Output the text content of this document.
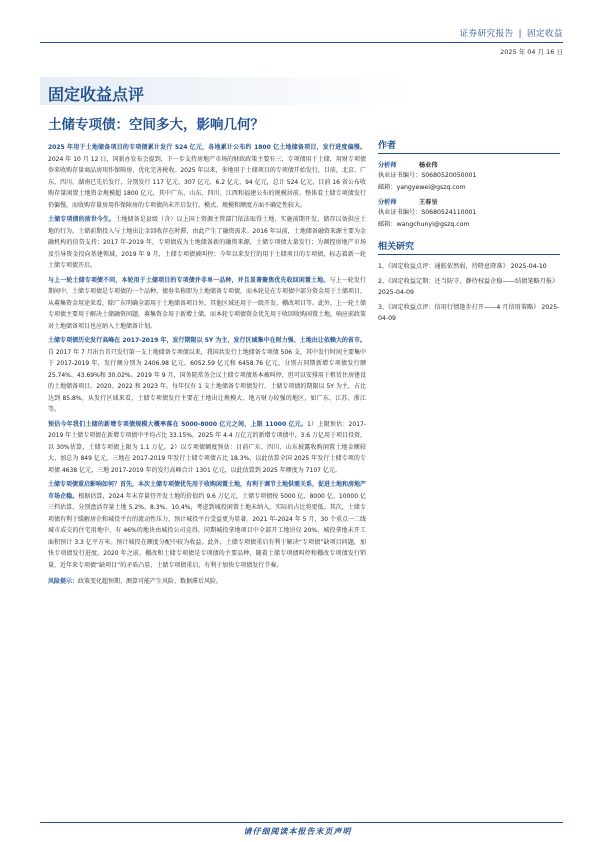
证券研究报告 | 固定收益
2025 年 04 月 16 日
固定收益点评
土储专项债：空间多大，影响几何？

2025 年用于土地储备项目的专项债累计发行 524 亿元，各地累计公布约 1800 亿土地储备项目，发行进度偏慢。2024 年 10 月 12 日，国新办发布会提到，下一步支持房地产市场的财政政策主要有三，专项债用于土储，用财专项债券来收购存量商品房用作保障房、优化完善税收。2025 年以来，多地用于土储项目的专项债开始发行，目前，北京、广东、四川、湖南已先后发行，分别发行 117 亿元、307 亿元、6.2 亿元、94 亿元，总计 524 亿元，目前 16 省公布收购存量闲置土地资金规模超 1800 亿元，其中广东、山东、四川、江西和福建公布的规模居前。整体看土储专项债发行仍偏慢，而收购存量房用作保障房的专项债尚未开启发行，模式、规模和额度方面不确定性较大。

土储专项债的前世今生。土地储备是县级（含）以上国土资源主管部门依法取得土地、实施前期开发、储存以备供应土地的行为。土储前期投入与土地出让金回收存在时滞，由此产生了融资需求。2016 年以前，土地储备融资来源主要为金融机构的信贷支持；2017 年-2019 年，专项债成为土地储备新的融资来源，土储专项债大量发行；为调控房地产市场及引导资金投向基建领域，2019 年 9 月，土储专项债被叫停；今年以来发行的用于土储项目的专项债，标志着新一轮土储专项债开启。

与上一轮土储专项债不同，本轮用于土储项目的专项债并非单一品种，并且显著聚焦优先收回闲置土地。与上一轮发行期间中，土储专项债是专项债的一个品种，债券名称即为土地储备专项债，而本轮是在专项债中部分资金用于土储项目，从募集资金用途来看，除广东明确全部用于土地储备项目外，其他区域还用于一级开发、棚改项目等。此外，上一轮土储专项债主要用于解决土储融资问题，募集资金用于新增土储，而本轮专项债资金优先用于收回收购闲置土地，响应前政策对土地储备项目也应纳入土地储备计划。

土储专项债历史发行高峰在 2017-2019 年，发行期限以 5Y 为主，发行区域集中在财力强、土地出让依赖大的省市。自 2017 年 7 月出台首只发行第一支土地储备专项债以来，我国共发行土地储备专项债 506 支，其中发行时间主要集中于 2017-2019 年，发行额分别为 2406.98 亿元、6052.59 亿元和 6458.76 亿元，分别占同期新增专项债发行额 25.74%、43.69%和 30.02%。2019 年 9 月，国务院常务会议土储专项债基本被叫停，但可以安排用于租赁住房建设的土地储备项目。2020、2022 和 2023 年，每年仅有 1 支土地储备专项债发行，土储专项债的期限以 5Y 为主，占比达到 85.8%，从发行区域来看，土储专项债发行主要在土地出让规模大、地方财力较强的地区，如广东、江苏、浙江等。

预估今年我们土储的新增专项债规模大概率落在 5000-8000 亿元之间，上限 11000 亿元。1）上限预估：2017-2019 年土储专项债在新增专项债中平均占比 33.15%，2025 年 4.4 万亿元的新增专项债中，3.6 万亿用于项目投资，以 30%估算，土储专项债上限为 1.1 万亿。2）以专项债额度预估：目前广东、四川、山东披露收购闲置土地金额较大，加总为 849 亿元，三地在 2017-2019 年发行土储专项债占比 18.3%，以此估算全国 2025 年发行土储专项的专项债 4638 亿元，三地 2017-2019 年的发行高峰合计 1301 亿元，以此估算到 2025 年额度为 7107 亿元。

土储专项债重启影响如何？首先，本次土储专项债优先用于收购闲置土地，有利于调节土地供需关系，促进土地和房地产市场企稳。根据估算，2024 年末存量待开发土地的价值约 9.6 万亿元，土储专项债按 5000 亿、8000 亿、10000 亿三档估算，分别盘活存量土地 5.2%、8.3%、10.4%，考虑到城投闲置土地未纳入，实际的占比将更低。其次，土储专项债有利于缓解房企和城投平台的流动性压力，预计城投平台受益更为显著。2021 年-2024 年 5 月，30 个重点一二线城市成交的住宅用地中，有 46%的地块由城投公司竞得，同期城投拿地项目中全部开工地块仅 20%，城投拿地未开工面积预计 3.3 亿平方米。预计城投在额度分配中较为收益。此外，土储专项债重启有利于解决“专项债”缺项目问题，加快专项债发行进度。2020 年之前，棚改和土储专项债是专项债的主要品种，随着土储专项债叫停和棚改专项债发行销量，近年来专项债“缺项目”的矛盾凸显，土储专项债重启，有利于加快专项债发行节奏。

风险提示：政策变化超预期、测算可能产生风险、数据滞后风险。

作者
分析师	杨业伟
执业证书编号：S0680520050001
邮箱：yangyewei@gszq.com
分析师	王春呈
执业证书编号：S0680524110001
邮箱：wangchunyi@gszq.com
相关研究
1、《固定收益点评：通胀依然弱，待降息降准》 2025-04-10
2、《固定收益定期：还当防守，静待权益企稳——结债笔略月报》 2025-04-09
3、《固定收益点评：信用行情逢步打开——4 月信用策略》 2025-04-09
请仔细阅读本报告末页声明
